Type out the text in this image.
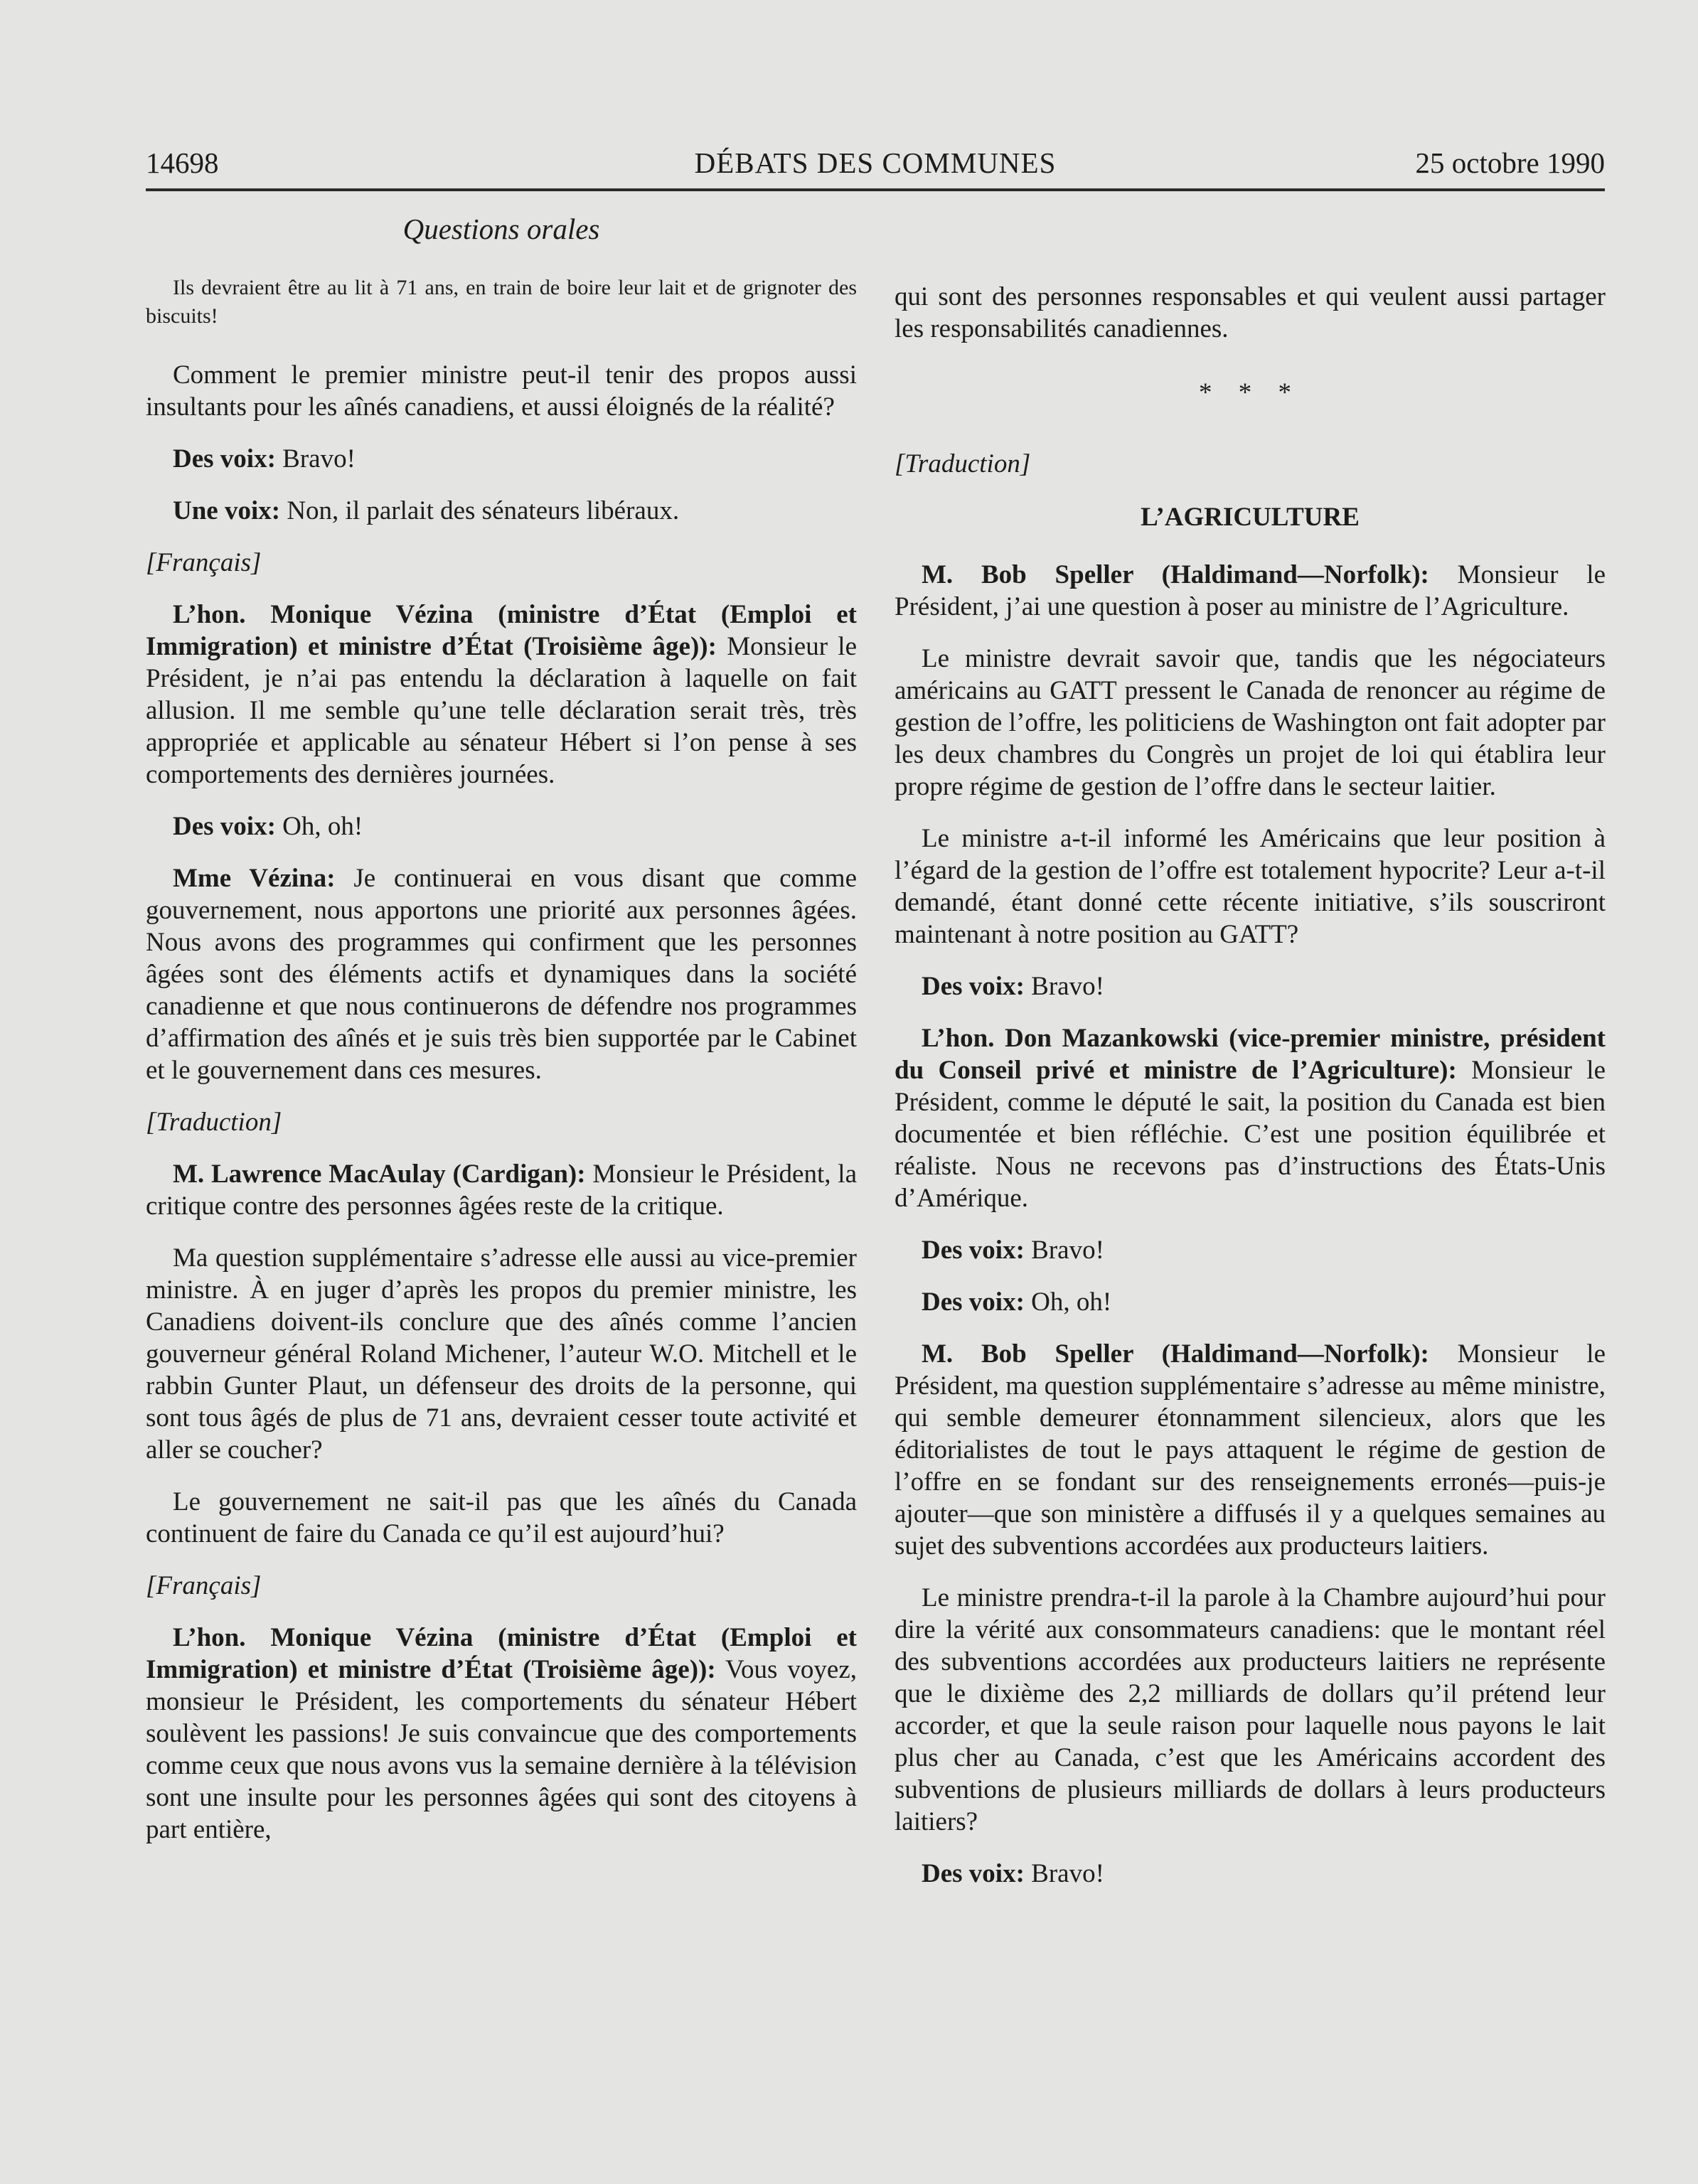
14698	DÉBATS DES COMMUNES	25 octobre 1990

Questions orales

Ils devraient être au lit à 71 ans, en train de boire leur lait et de grignoter des biscuits!

Comment le premier ministre peut-il tenir des propos aussi insultants pour les aînés canadiens, et aussi éloignés de la réalité?

Des voix: Bravo!

Une voix: Non, il parlait des sénateurs libéraux.

[Français]

L’hon. Monique Vézina (ministre d’État (Emploi et Immigration) et ministre d’État (Troisième âge)): Monsieur le Président, je n’ai pas entendu la déclaration à laquelle on fait allusion. Il me semble qu’une telle déclaration serait très, très appropriée et applicable au sénateur Hébert si l’on pense à ses comportements des dernières journées.

Des voix: Oh, oh!

Mme Vézina: Je continuerai en vous disant que comme gouvernement, nous apportons une priorité aux personnes âgées. Nous avons des programmes qui confirment que les personnes âgées sont des éléments actifs et dynamiques dans la société canadienne et que nous continuerons de défendre nos programmes d’affirmation des aînés et je suis très bien supportée par le Cabinet et le gouvernement dans ces mesures.

[Traduction]

M. Lawrence MacAulay (Cardigan): Monsieur le Président, la critique contre des personnes âgées reste de la critique.

Ma question supplémentaire s’adresse elle aussi au vice-premier ministre. À en juger d’après les propos du premier ministre, les Canadiens doivent-ils conclure que des aînés comme l’ancien gouverneur général Roland Michener, l’auteur W.O. Mitchell et le rabbin Gunter Plaut, un défenseur des droits de la personne, qui sont tous âgés de plus de 71 ans, devraient cesser toute activité et aller se coucher?

Le gouvernement ne sait-il pas que les aînés du Canada continuent de faire du Canada ce qu’il est aujourd’hui?

[Français]

L’hon. Monique Vézina (ministre d’État (Emploi et Immigration) et ministre d’État (Troisième âge)): Vous voyez, monsieur le Président, les comportements du sénateur Hébert soulèvent les passions! Je suis convaincue que des comportements comme ceux que nous avons vus la semaine dernière à la télévision sont une insulte pour les personnes âgées qui sont des citoyens à part entière,

qui sont des personnes responsables et qui veulent aussi partager les responsabilités canadiennes.

* * *

[Traduction]

L’AGRICULTURE

M. Bob Speller (Haldimand—Norfolk): Monsieur le Président, j’ai une question à poser au ministre de l’Agriculture.

Le ministre devrait savoir que, tandis que les négociateurs américains au GATT pressent le Canada de renoncer au régime de gestion de l’offre, les politiciens de Washington ont fait adopter par les deux chambres du Congrès un projet de loi qui établira leur propre régime de gestion de l’offre dans le secteur laitier.

Le ministre a-t-il informé les Américains que leur position à l’égard de la gestion de l’offre est totalement hypocrite? Leur a-t-il demandé, étant donné cette récente initiative, s’ils souscriront maintenant à notre position au GATT?

Des voix: Bravo!

L’hon. Don Mazankowski (vice-premier ministre, président du Conseil privé et ministre de l’Agriculture): Monsieur le Président, comme le député le sait, la position du Canada est bien documentée et bien réfléchie. C’est une position équilibrée et réaliste. Nous ne recevons pas d’instructions des États-Unis d’Amérique.

Des voix: Bravo!

Des voix: Oh, oh!

M. Bob Speller (Haldimand—Norfolk): Monsieur le Président, ma question supplémentaire s’adresse au même ministre, qui semble demeurer étonnamment silencieux, alors que les éditorialistes de tout le pays attaquent le régime de gestion de l’offre en se fondant sur des renseignements erronés—puis-je ajouter—que son ministère a diffusés il y a quelques semaines au sujet des subventions accordées aux producteurs laitiers.

Le ministre prendra-t-il la parole à la Chambre aujourd’hui pour dire la vérité aux consommateurs canadiens: que le montant réel des subventions accordées aux producteurs laitiers ne représente que le dixième des 2,2 milliards de dollars qu’il prétend leur accorder, et que la seule raison pour laquelle nous payons le lait plus cher au Canada, c’est que les Américains accordent des subventions de plusieurs milliards de dollars à leurs producteurs laitiers?

Des voix: Bravo!
